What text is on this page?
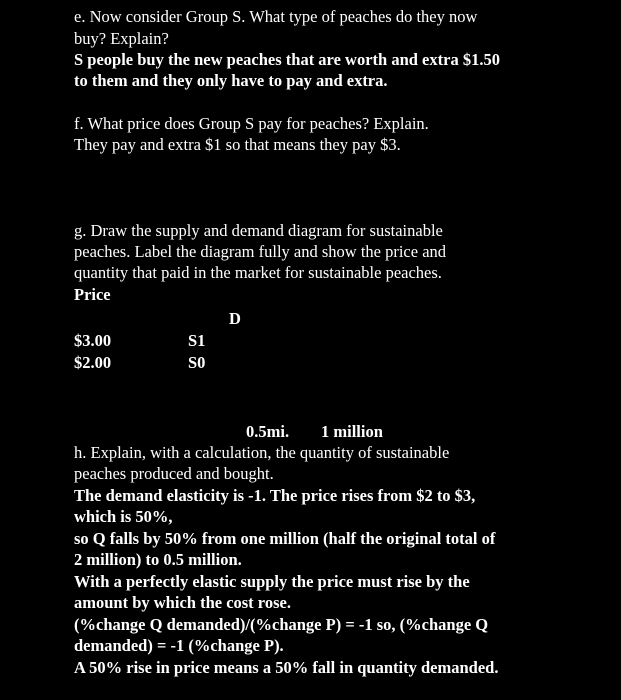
e. Now consider Group S. What type of peaches do they now
buy? Explain?
S people buy the new peaches that are worth and extra $1.50
to them and they only have to pay and extra.
f. What price does Group S pay for peaches? Explain.
They pay and extra $1 so that means they pay $3.
g. Draw the supply and demand diagram for sustainable
peaches. Label the diagram fully and show the price and
quantity that paid in the market for sustainable peaches.
Price
D
$3.00	S1
$2.00	S0
0.5mi. 1 million
h. Explain, with a calculation, the quantity of sustainable
peaches produced and bought.
The demand elasticity is -1. The price rises from $2 to $3,
which is 50%,
so Q falls by 50% from one million (half the original total of
2 million) to 0.5 million.
With a perfectly elastic supply the price must rise by the
amount by which the cost rose.
(%change Q demanded)/(%change P) = -1 so, (%change Q
demanded) = -1 (%change P).
A 50% rise in price means a 50% fall in quantity demanded.
